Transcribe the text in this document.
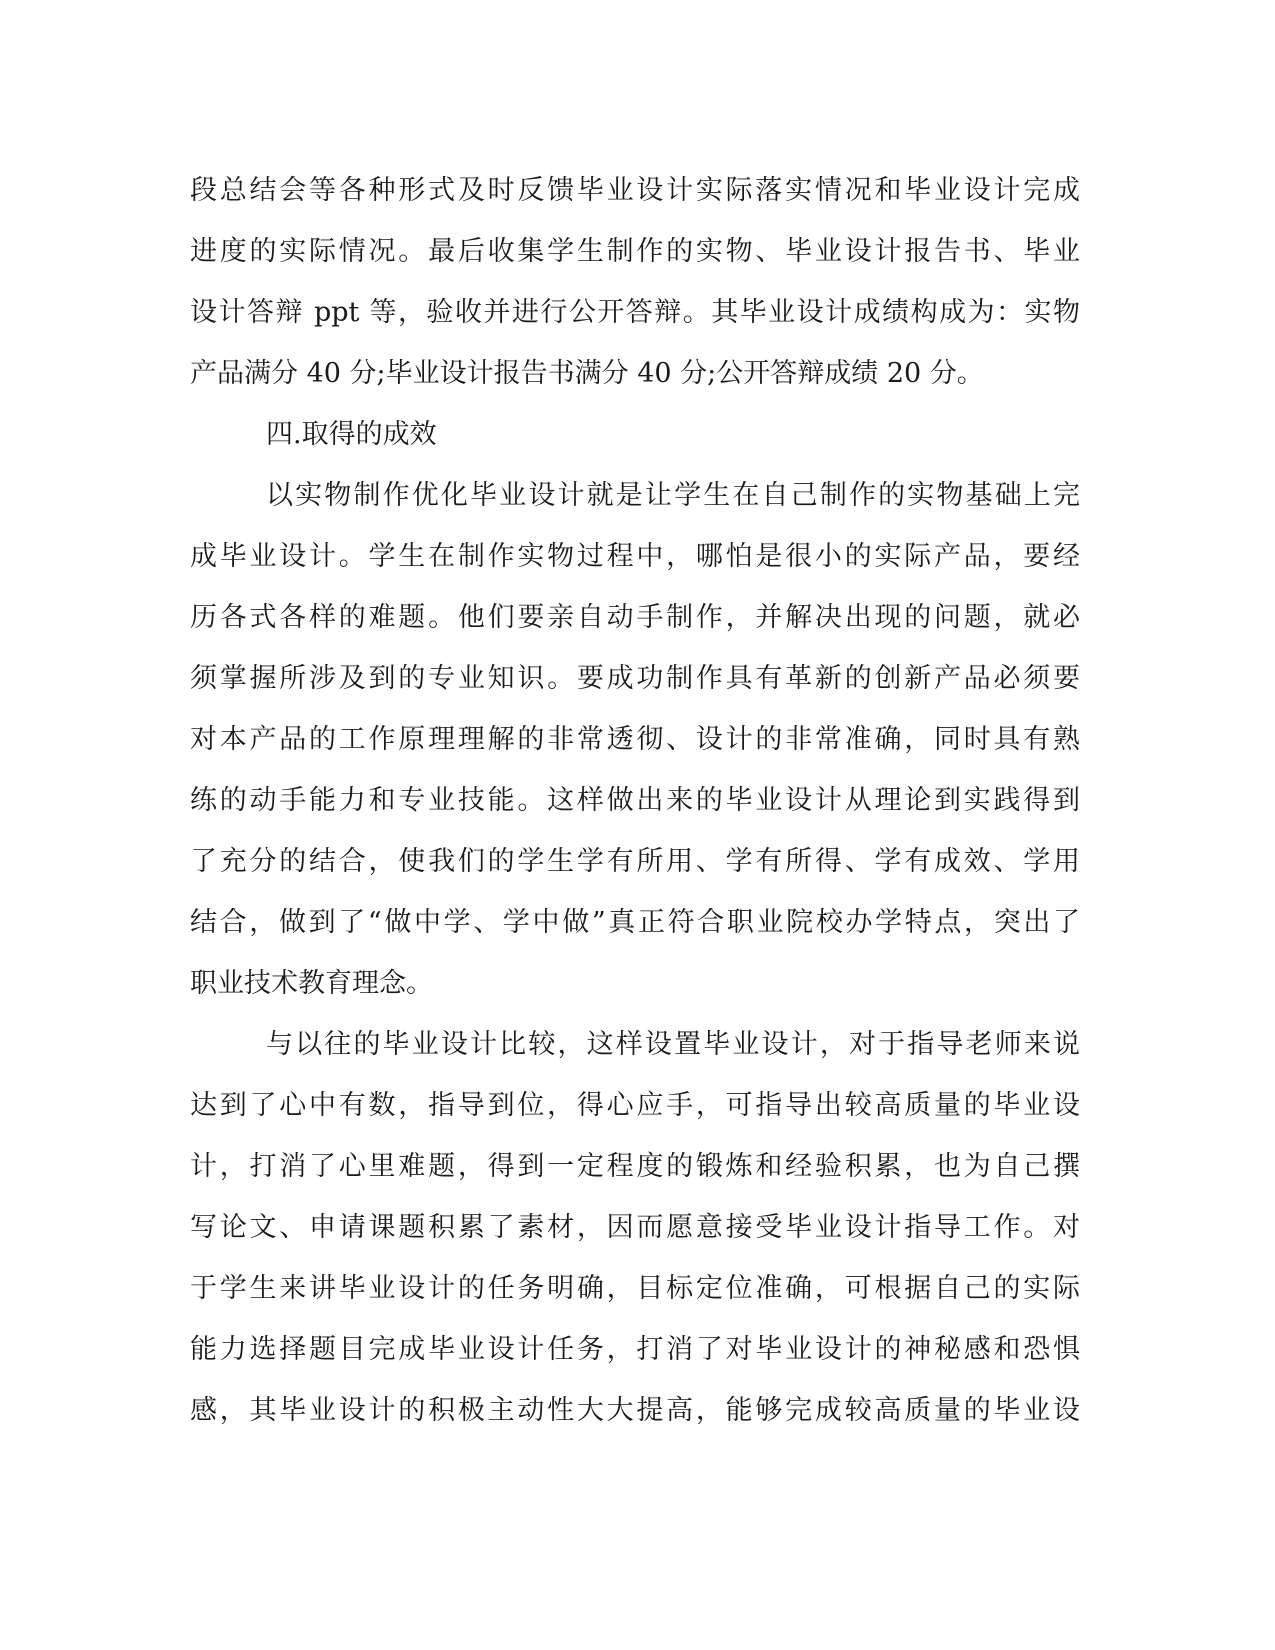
段总结会等各种形式及时反馈毕业设计实际落实情况和毕业设计完成
进度的实际情况。最后收集学生制作的实物、毕业设计报告书、毕业
设计答辩 ppt 等，验收并进行公开答辩。其毕业设计成绩构成为：实物
产品满分 40 分;毕业设计报告书满分 40 分;公开答辩成绩 20 分。
四.取得的成效
以实物制作优化毕业设计就是让学生在自己制作的实物基础上完
成毕业设计。学生在制作实物过程中，哪怕是很小的实际产品，要经
历各式各样的难题。他们要亲自动手制作，并解决出现的问题，就必
须掌握所涉及到的专业知识。要成功制作具有革新的创新产品必须要
对本产品的工作原理理解的非常透彻、设计的非常准确，同时具有熟
练的动手能力和专业技能。这样做出来的毕业设计从理论到实践得到
了充分的结合，使我们的学生学有所用、学有所得、学有成效、学用
结合，做到了“做中学、学中做”真正符合职业院校办学特点，突出了
职业技术教育理念。
与以往的毕业设计比较，这样设置毕业设计，对于指导老师来说
达到了心中有数，指导到位，得心应手，可指导出较高质量的毕业设
计，打消了心里难题，得到一定程度的锻炼和经验积累，也为自己撰
写论文、申请课题积累了素材，因而愿意接受毕业设计指导工作。对
于学生来讲毕业设计的任务明确，目标定位准确，可根据自己的实际
能力选择题目完成毕业设计任务，打消了对毕业设计的神秘感和恐惧
感，其毕业设计的积极主动性大大提高，能够完成较高质量的毕业设
